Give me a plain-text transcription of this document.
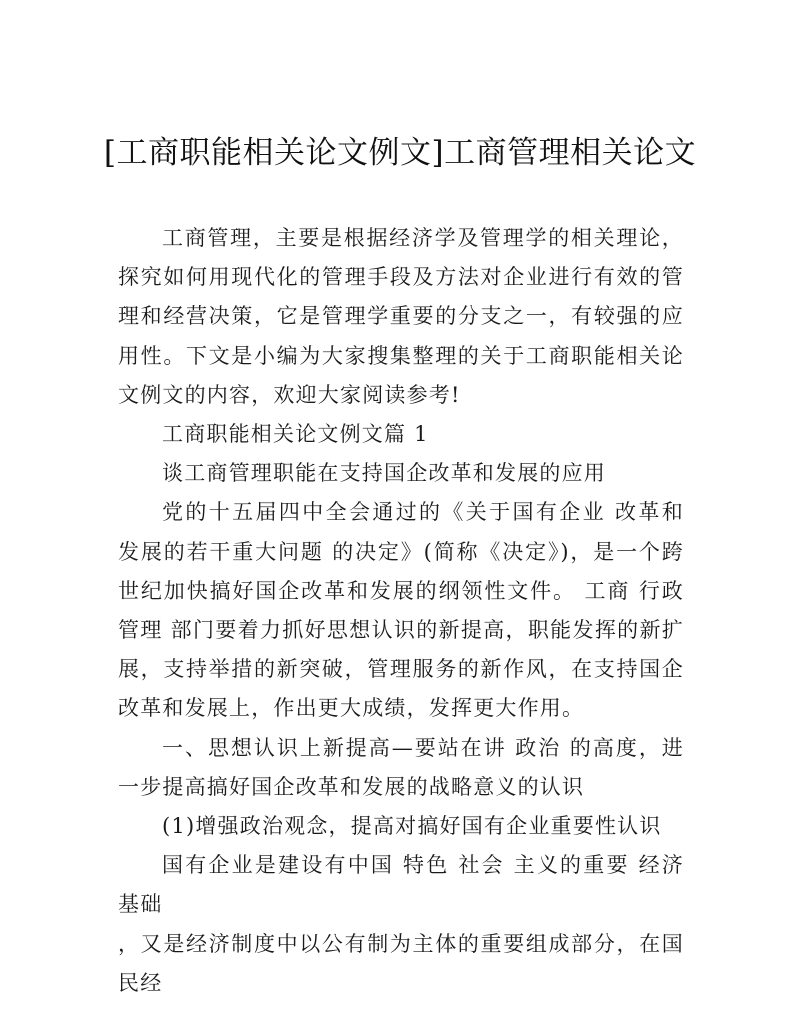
[工商职能相关论文例文]工商管理相关论文

工商管理，主要是根据经济学及管理学的相关理论，探究如何用现代化的管理手段及方法对企业进行有效的管理和经营决策，它是管理学重要的分支之一，有较强的应用性。下文是小编为大家搜集整理的关于工商职能相关论文例文的内容，欢迎大家阅读参考!

工商职能相关论文例文篇 1

谈工商管理职能在支持国企改革和发展的应用

党的十五届四中全会通过的《关于国有企业 改革和 发展的若干重大问题 的决定》(简称《决定》)，是一个跨世纪加快搞好国企改革和发展的纲领性文件。 工商 行政 管理 部门要着力抓好思想认识的新提高，职能发挥的新扩展，支持举措的新突破，管理服务的新作风，在支持国企改革和发展上，作出更大成绩，发挥更大作用。

一、思想认识上新提高—要站在讲 政治 的高度，进一步提高搞好国企改革和发展的战略意义的认识

(1)增强政治观念，提高对搞好国有企业重要性认识

国有企业是建设有中国 特色 社会 主义的重要 经济 基础

，又是经济制度中以公有制为主体的重要组成部分，在国民经
